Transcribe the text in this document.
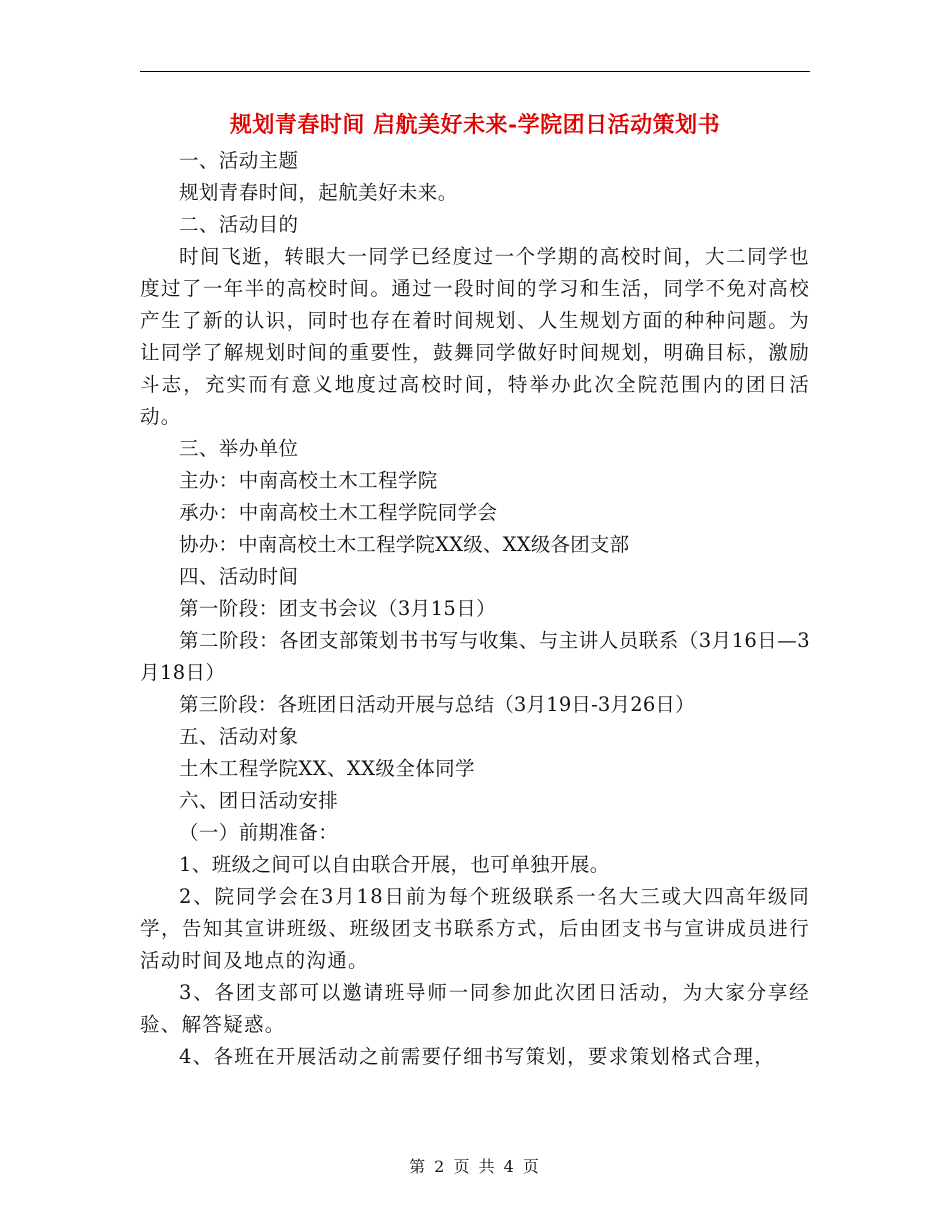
规划青春时间 启航美好未来-学院团日活动策划书

一、活动主题

规划青春时间，起航美好未来。

二、活动目的

时间飞逝，转眼大一同学已经度过一个学期的高校时间，大二同学也度过了一年半的高校时间。通过一段时间的学习和生活，同学不免对高校产生了新的认识，同时也存在着时间规划、人生规划方面的种种问题。为让同学了解规划时间的重要性，鼓舞同学做好时间规划，明确目标，激励斗志，充实而有意义地度过高校时间，特举办此次全院范围内的团日活动。

三、举办单位

主办：中南高校土木工程学院

承办：中南高校土木工程学院同学会

协办：中南高校土木工程学院XX级、XX级各团支部

四、活动时间

第一阶段：团支书会议（3月15日）

第二阶段：各团支部策划书书写与收集、与主讲人员联系（3月16日—3月18日）

第三阶段：各班团日活动开展与总结（3月19日-3月26日）

五、活动对象

土木工程学院XX、XX级全体同学

六、团日活动安排

（一）前期准备：

1、班级之间可以自由联合开展，也可单独开展。

2、院同学会在3月18日前为每个班级联系一名大三或大四高年级同学，告知其宣讲班级、班级团支书联系方式，后由团支书与宣讲成员进行活动时间及地点的沟通。

3、各团支部可以邀请班导师一同参加此次团日活动，为大家分享经验、解答疑惑。

4、各班在开展活动之前需要仔细书写策划，要求策划格式合理，

第 2 页 共 4 页
